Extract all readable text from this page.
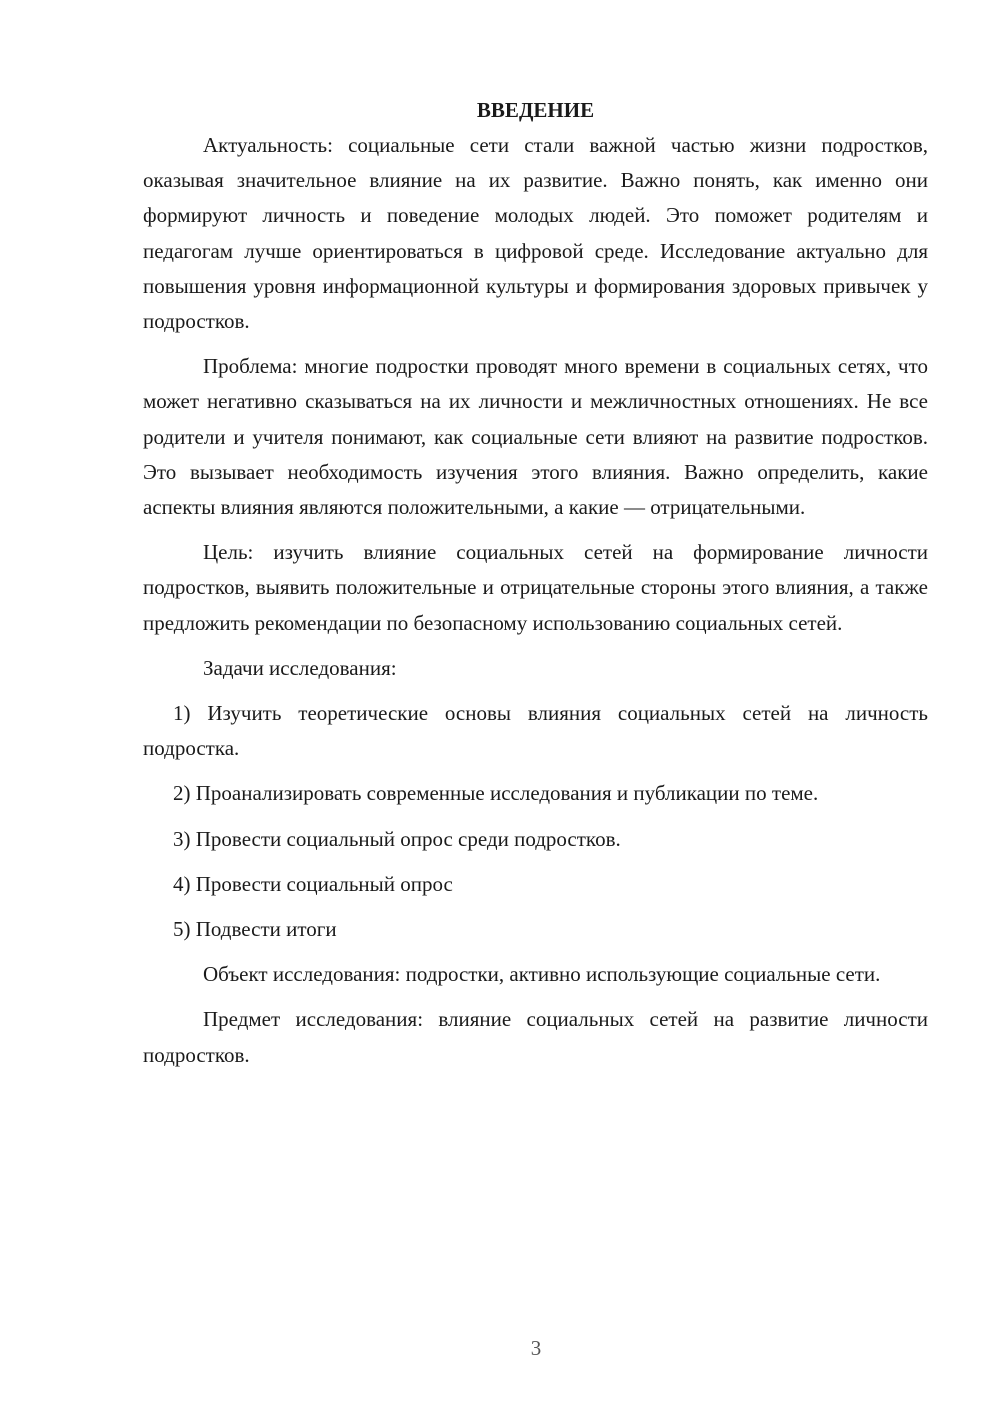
ВВЕДЕНИЕ

Актуальность: социальные сети стали важной частью жизни подростков, оказывая значительное влияние на их развитие. Важно понять, как именно они формируют личность и поведение молодых людей. Это поможет родителям и педагогам лучше ориентироваться в цифровой среде. Исследование актуально для повышения уровня информационной культуры и формирования здоровых привычек у подростков.

Проблема: многие подростки проводят много времени в социальных сетях, что может негативно сказываться на их личности и межличностных отношениях. Не все родители и учителя понимают, как социальные сети влияют на развитие подростков. Это вызывает необходимость изучения этого влияния. Важно определить, какие аспекты влияния являются положительными, а какие — отрицательными.

Цель: изучить влияние социальных сетей на формирование личности подростков, выявить положительные и отрицательные стороны этого влияния, а также предложить рекомендации по безопасному использованию социальных сетей.

Задачи исследования:

1) Изучить теоретические основы влияния социальных сетей на личность подростка.

2) Проанализировать современные исследования и публикации по теме.

3) Провести социальный опрос среди подростков.

4) Провести социальный опрос

5) Подвести итоги

Объект исследования: подростки, активно использующие социальные сети.

Предмет исследования: влияние социальных сетей на развитие личности подростков.

3
